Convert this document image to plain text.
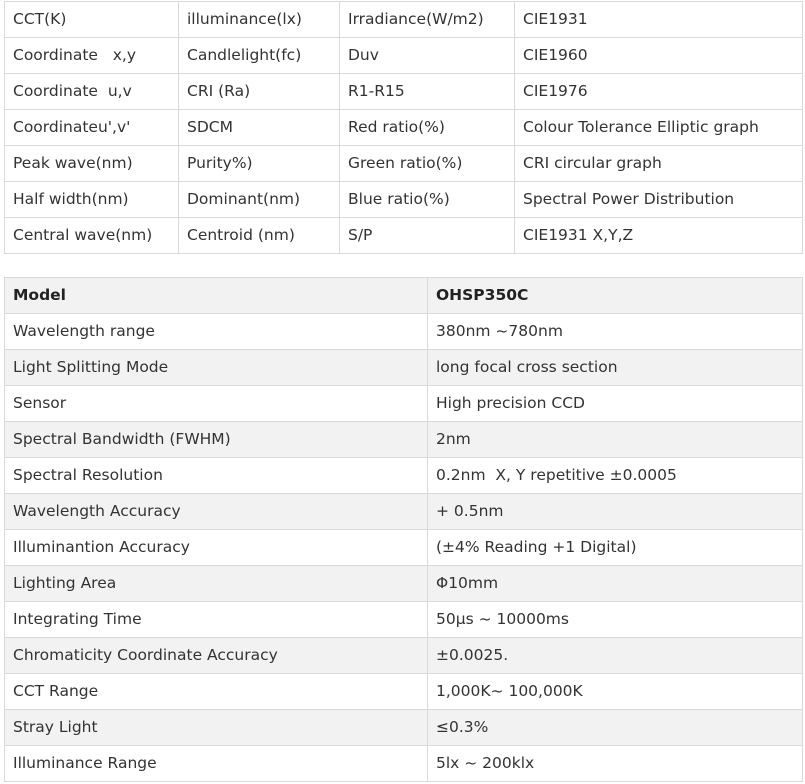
CCT(K)	illuminance(lx)	Irradiance(W/m2)	CIE1931
Coordinate   x,y	Candlelight(fc)	Duv	CIE1960
Coordinate  u,v	CRI (Ra)	R1-R15	CIE1976
Coordinateu',v'	SDCM	Red ratio(%)	Colour Tolerance Elliptic graph
Peak wave(nm)	Purity%)	Green ratio(%)	CRI circular graph
Half width(nm)	Dominant(nm)	Blue ratio(%)	Spectral Power Distribution
Central wave(nm)	Centroid (nm)	S/P	CIE1931 X,Y,Z
Model	OHSP350C
Wavelength range	380nm ~780nm
Light Splitting Mode	long focal cross section
Sensor	High precision CCD
Spectral Bandwidth (FWHM)	2nm
Spectral Resolution	0.2nm  X, Y repetitive ±0.0005
Wavelength Accuracy	+ 0.5nm
Illuminantion Accuracy	(±4% Reading +1 Digital)
Lighting Area	Φ10mm
Integrating Time	50μs ~ 10000ms
Chromaticity Coordinate Accuracy	±0.0025.
CCT Range	1,000K~ 100,000K
Stray Light	≤0.3%
Illuminance Range	5lx ~ 200klx
